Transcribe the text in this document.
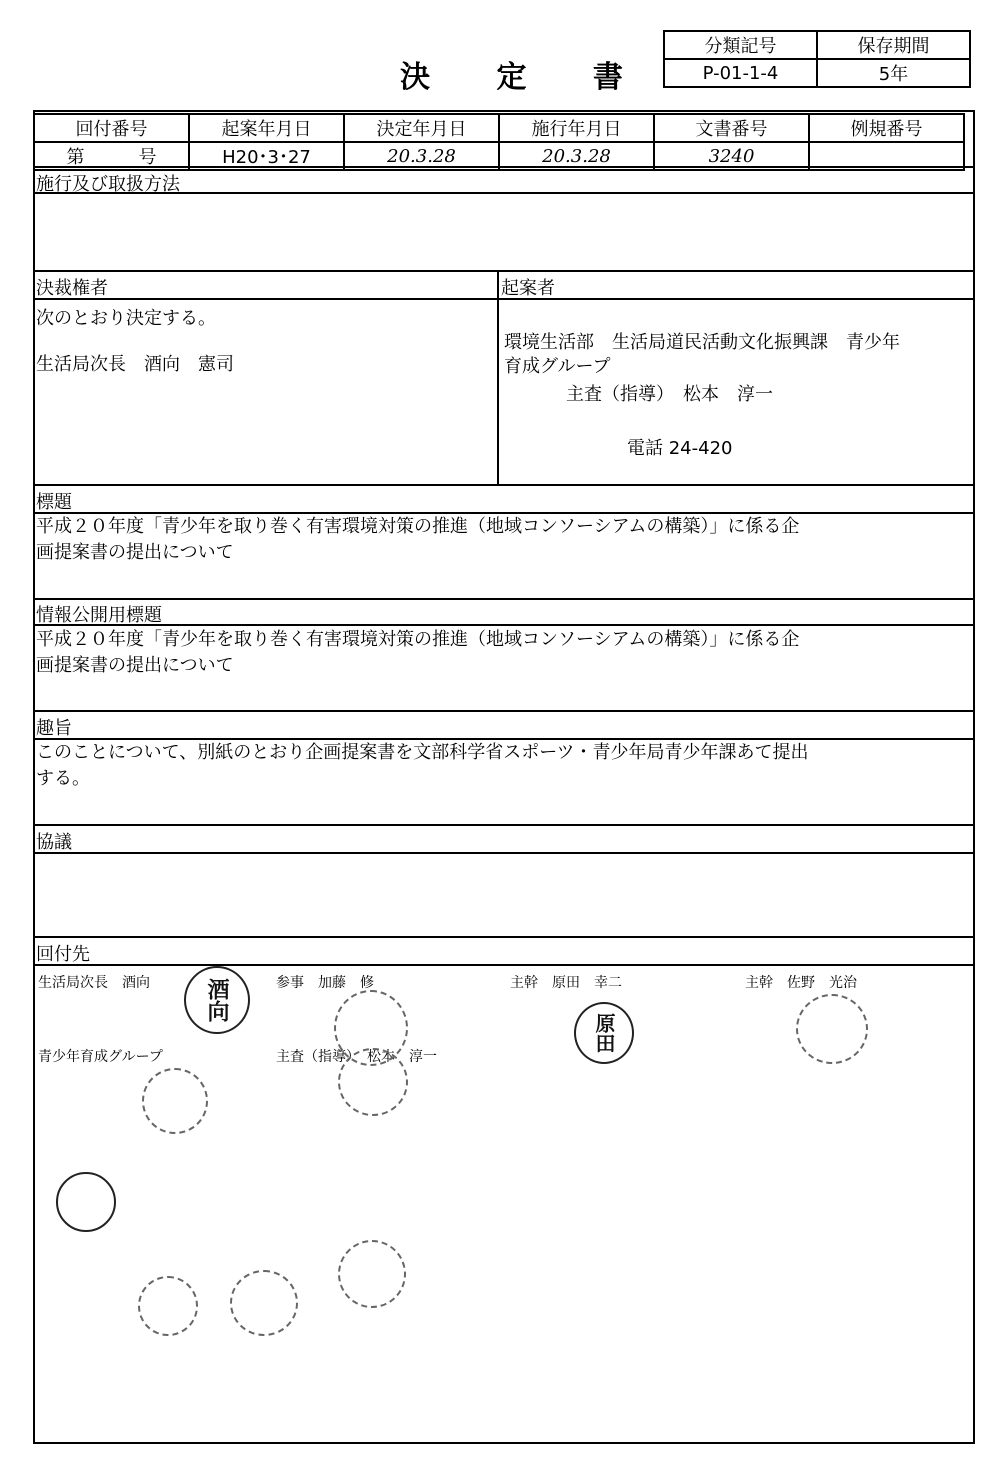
決 定 書
分類記号	保存期間
P-01-1-4	5年
回付番号	起案年月日	決定年月日	施行年月日	文書番号	例規番号
第　　　号	H20･3･27	20.3.28	20.3.28	3240	
施行及び取扱方法
決裁権者
次のとおり決定する。
生活局次長　酒向　憲司
起案者
環境生活部　生活局道民活動文化振興課　青少年
育成グループ
主査（指導）　松本　淳一
電話 24-420
標題
平成２０年度「青少年を取り巻く有害環境対策の推進（地域コンソーシアムの構築）」に係る企
画提案書の提出について
情報公開用標題
平成２０年度「青少年を取り巻く有害環境対策の推進（地域コンソーシアムの構築）」に係る企
画提案書の提出について
趣旨
このことについて、別紙のとおり企画提案書を文部科学省スポーツ・青少年局青少年課あて提出
する。
協議
回付先
生活局次長　酒向	参事　加藤　修	主幹　原田　幸二	主幹　佐野　光治
青少年育成グループ	主査（指導）　松本　淳一
酒向
原田
